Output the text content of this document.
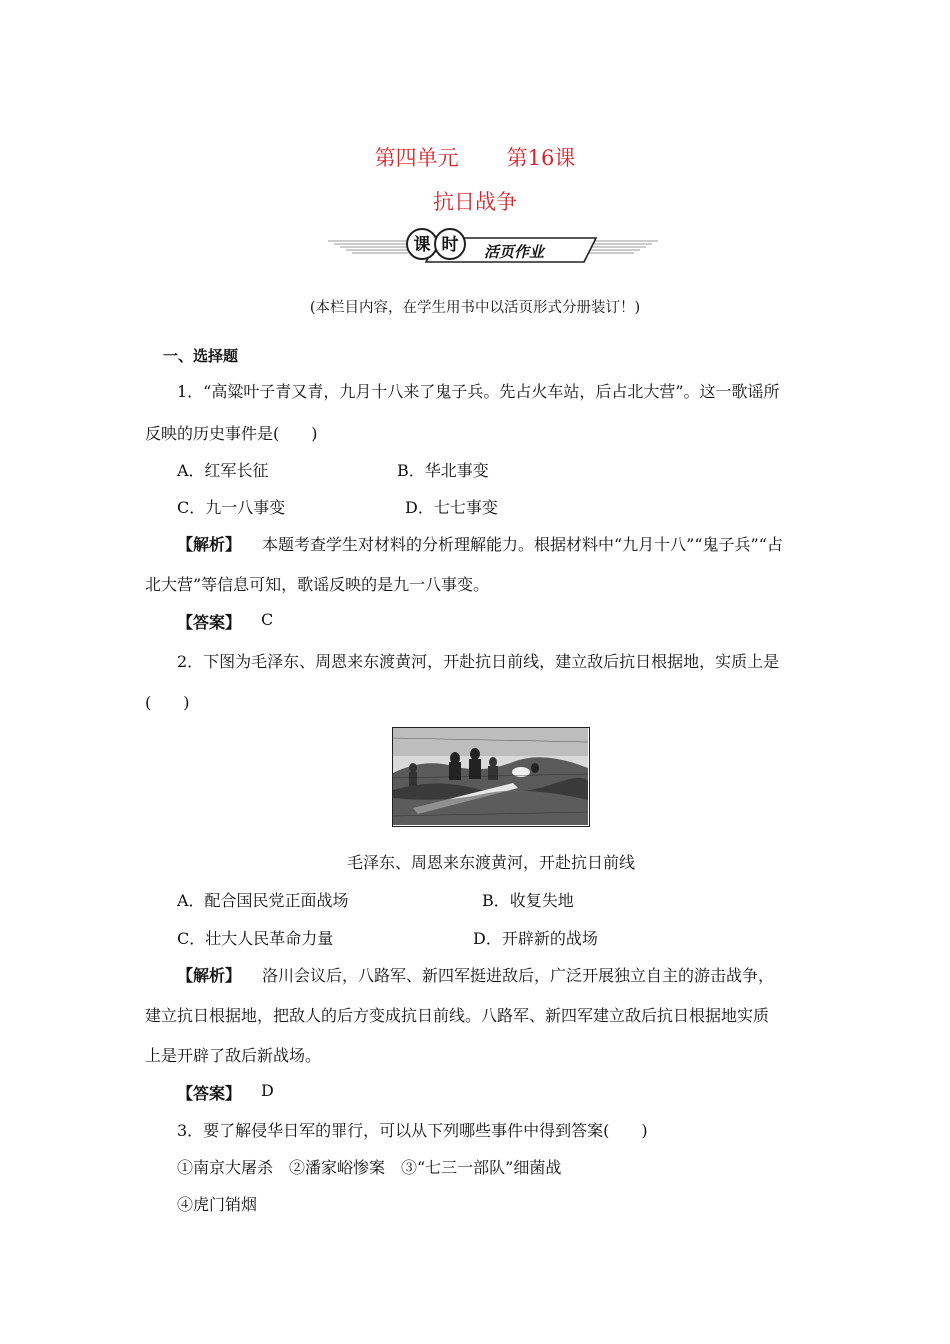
第四单元 第16课
抗日战争
课 时 活页作业
(本栏目内容，在学生用书中以活页形式分册装订！)
一、选择题
1．“高粱叶子青又青，九月十八来了鬼子兵。先占火车站，后占北大营”。这一歌谣所
反映的历史事件是(　　)
A．红军长征	B．华北事变
C．九一八事变	D．七七事变
【解析】 本题考查学生对材料的分析理解能力。根据材料中“九月十八”“鬼子兵”“占
北大营”等信息可知，歌谣反映的是九一八事变。
【答案】 C
2．下图为毛泽东、周恩来东渡黄河，开赴抗日前线，建立敌后抗日根据地，实质上是
(　　)
毛泽东、周恩来东渡黄河，开赴抗日前线
A．配合国民党正面战场	B．收复失地
C．壮大人民革命力量	D．开辟新的战场
【解析】 洛川会议后，八路军、新四军挺进敌后，广泛开展独立自主的游击战争，
建立抗日根据地，把敌人的后方变成抗日前线。八路军、新四军建立敌后抗日根据地实质
上是开辟了敌后新战场。
【答案】 D
3．要了解侵华日军的罪行，可以从下列哪些事件中得到答案(　　)
①南京大屠杀　②潘家峪惨案　③“七三一部队”细菌战
④虎门销烟
